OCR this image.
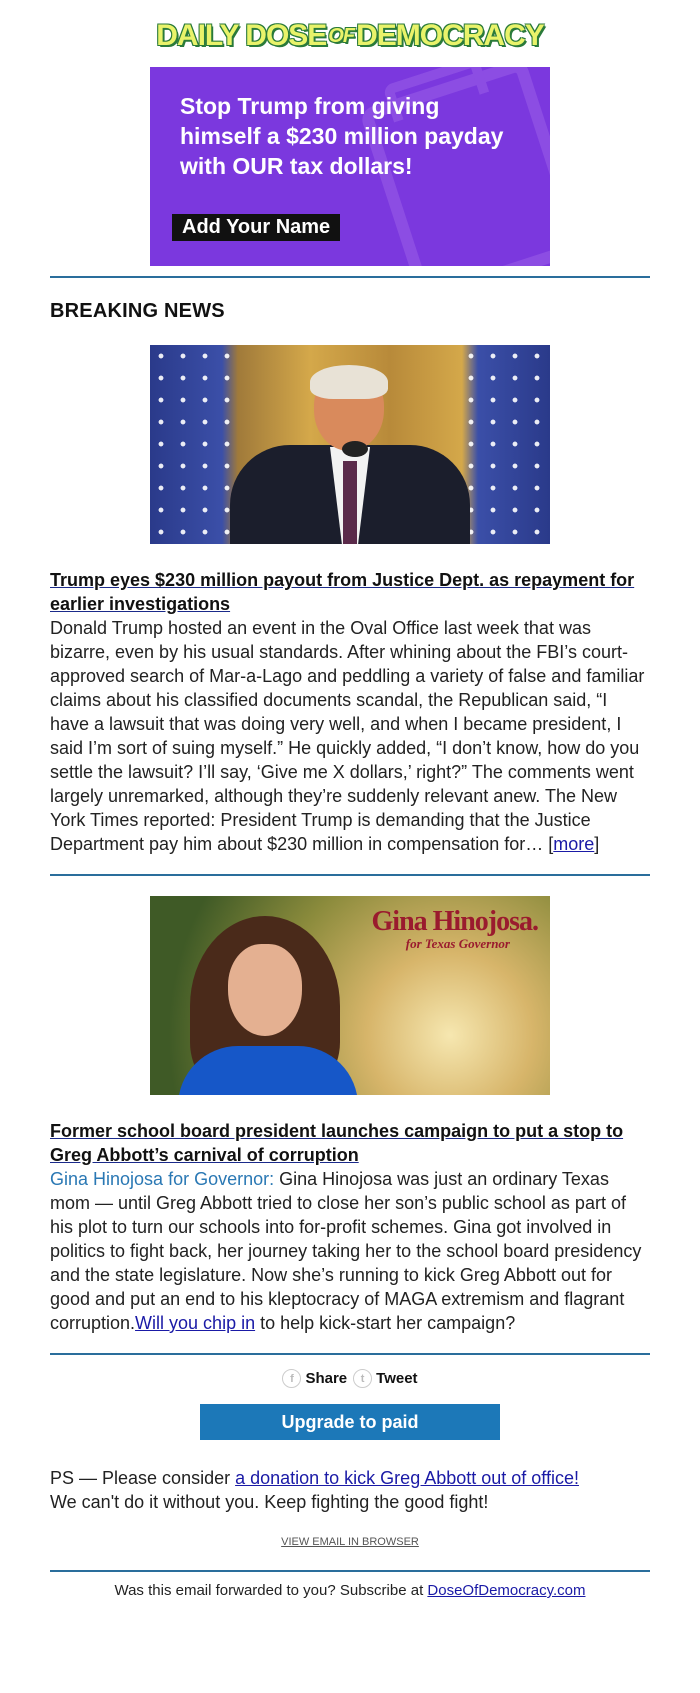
DAILY DOSE OF DEMOCRACY
Stop Trump from giving himself a $230 million payday with OUR tax dollars!
Add Your Name
BREAKING NEWS
Trump eyes $230 million payout from Justice Dept. as repayment for earlier investigations
Donald Trump hosted an event in the Oval Office last week that was bizarre, even by his usual standards. After whining about the FBI’s court-approved search of Mar-a-Lago and peddling a variety of false and familiar claims about his classified documents scandal, the Republican said, “I have a lawsuit that was doing very well, and when I became president, I said I’m sort of suing myself.” He quickly added, “I don’t know, how do you settle the lawsuit? I’ll say, ‘Give me X dollars,’ right?” The comments went largely unremarked, although they’re suddenly relevant anew. The New York Times reported: President Trump is demanding that the Justice Department pay him about $230 million in compensation for… [more]
Gina Hinojosa.
for Texas Governor
Former school board president launches campaign to put a stop to Greg Abbott’s carnival of corruption
Gina Hinojosa for Governor: Gina Hinojosa was just an ordinary Texas mom — until Greg Abbott tried to close her son’s public school as part of his plot to turn our schools into for-profit schemes. Gina got involved in politics to fight back, her journey taking her to the school board presidency and the state legislature. Now she’s running to kick Greg Abbott out for good and put an end to his kleptocracy of MAGA extremism and flagrant corruption.Will you chip in to help kick-start her campaign?
f Share	t Tweet
Upgrade to paid
PS — Please consider a donation to kick Greg Abbott out of office!
We can't do it without you. Keep fighting the good fight!
VIEW EMAIL IN BROWSER
Was this email forwarded to you? Subscribe at DoseOfDemocracy.com
